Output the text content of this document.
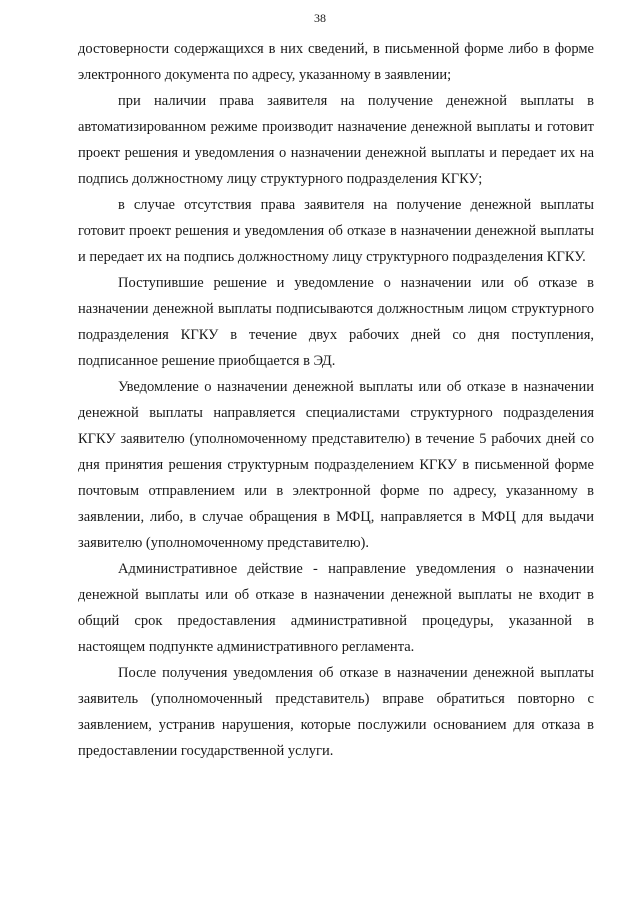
38

достоверности содержащихся в них сведений, в письменной форме либо в форме электронного документа по адресу, указанному в заявлении;

при наличии права заявителя на получение денежной выплаты в автоматизированном режиме производит назначение денежной выплаты и готовит проект решения и уведомления о назначении денежной выплаты и передает их на подпись должностному лицу структурного подразделения КГКУ;

в случае отсутствия права заявителя на получение денежной выплаты готовит проект решения и уведомления об отказе в назначении денежной выплаты и передает их на подпись должностному лицу структурного подразделения КГКУ.

Поступившие решение и уведомление о назначении или об отказе в назначении денежной выплаты подписываются должностным лицом структурного подразделения КГКУ в течение двух рабочих дней со дня поступления, подписанное решение приобщается в ЭД.

Уведомление о назначении денежной выплаты или об отказе в назначении денежной выплаты направляется специалистами структурного подразделения КГКУ заявителю (уполномоченному представителю) в течение 5 рабочих дней со дня принятия решения структурным подразделением КГКУ в письменной форме почтовым отправлением или в электронной форме по адресу, указанному в заявлении, либо, в случае обращения в МФЦ, направляется в МФЦ для выдачи заявителю (уполномоченному представителю).

Административное действие - направление уведомления о назначении денежной выплаты или об отказе в назначении денежной выплаты не входит в общий срок предоставления административной процедуры, указанной в настоящем подпункте административного регламента.

После получения уведомления об отказе в назначении денежной выплаты заявитель (уполномоченный представитель) вправе обратиться повторно с заявлением, устранив нарушения, которые послужили основанием для отказа в предоставлении государственной услуги.
